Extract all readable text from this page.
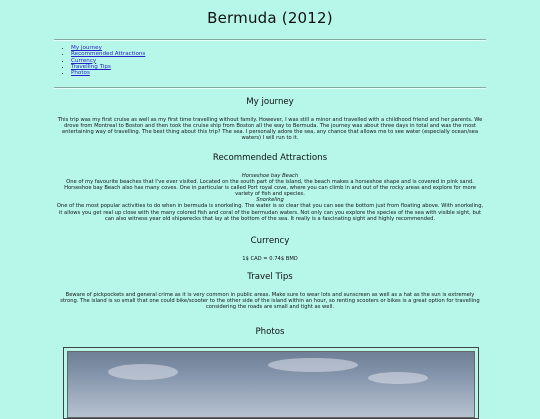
Bermuda (2012)
• My journey
• Recommended Attractions
• Currency
• Travelling Tips
• Photos
My journey

This trip was my first cruise as well as my first time travelling without family. However, I was still a minor and travelled with a childhood friend and her parents. We drove from Montreal to Boston and then took the cruise ship from Boston all the way to Bermuda. The journey was about three days in total and was the most entertaining way of travelling. The best thing about this trip? The sea. I personally adore the sea, any chance that allows me to see water (especially ocean/sea waters) I will run to it.

Recommended Attractions
Horseshoe bay Beach
One of my favourite beaches that I've ever visited. Located on the south part of the island, the beach makes a horseshoe shape and is covered in pink sand. Horseshoe bay Beach also has many coves. One in particular is called Port royal cove, where you can climb in and out of the rocky areas and explore for more variety of fish and species.
Snorkeling
One of the most popular activities to do when in bermuda is snorkeling. The water is so clear that you can see the bottom just from floating above. With snorkeling, it allows you get real up close with the many colored fish and coral of the bermudan waters. Not only can you explore the species of the sea with visible sight, but can also witness year old shipwrecks that lay at the bottom of the sea. It really is a fascinating sight and highly recommended.
Currency

1$ CAD = 0.74$ BMD

Travel Tips

Beware of pickpockets and general crime as it is very common in public areas. Make sure to wear lots and sunscreen as well as a hat as the sun is extremely strong. The island is so small that one could bike/scooter to the other side of the island within an hour, so renting scooters or bikes is a great option for travelling considering the roads are small and tight as well.

Photos
